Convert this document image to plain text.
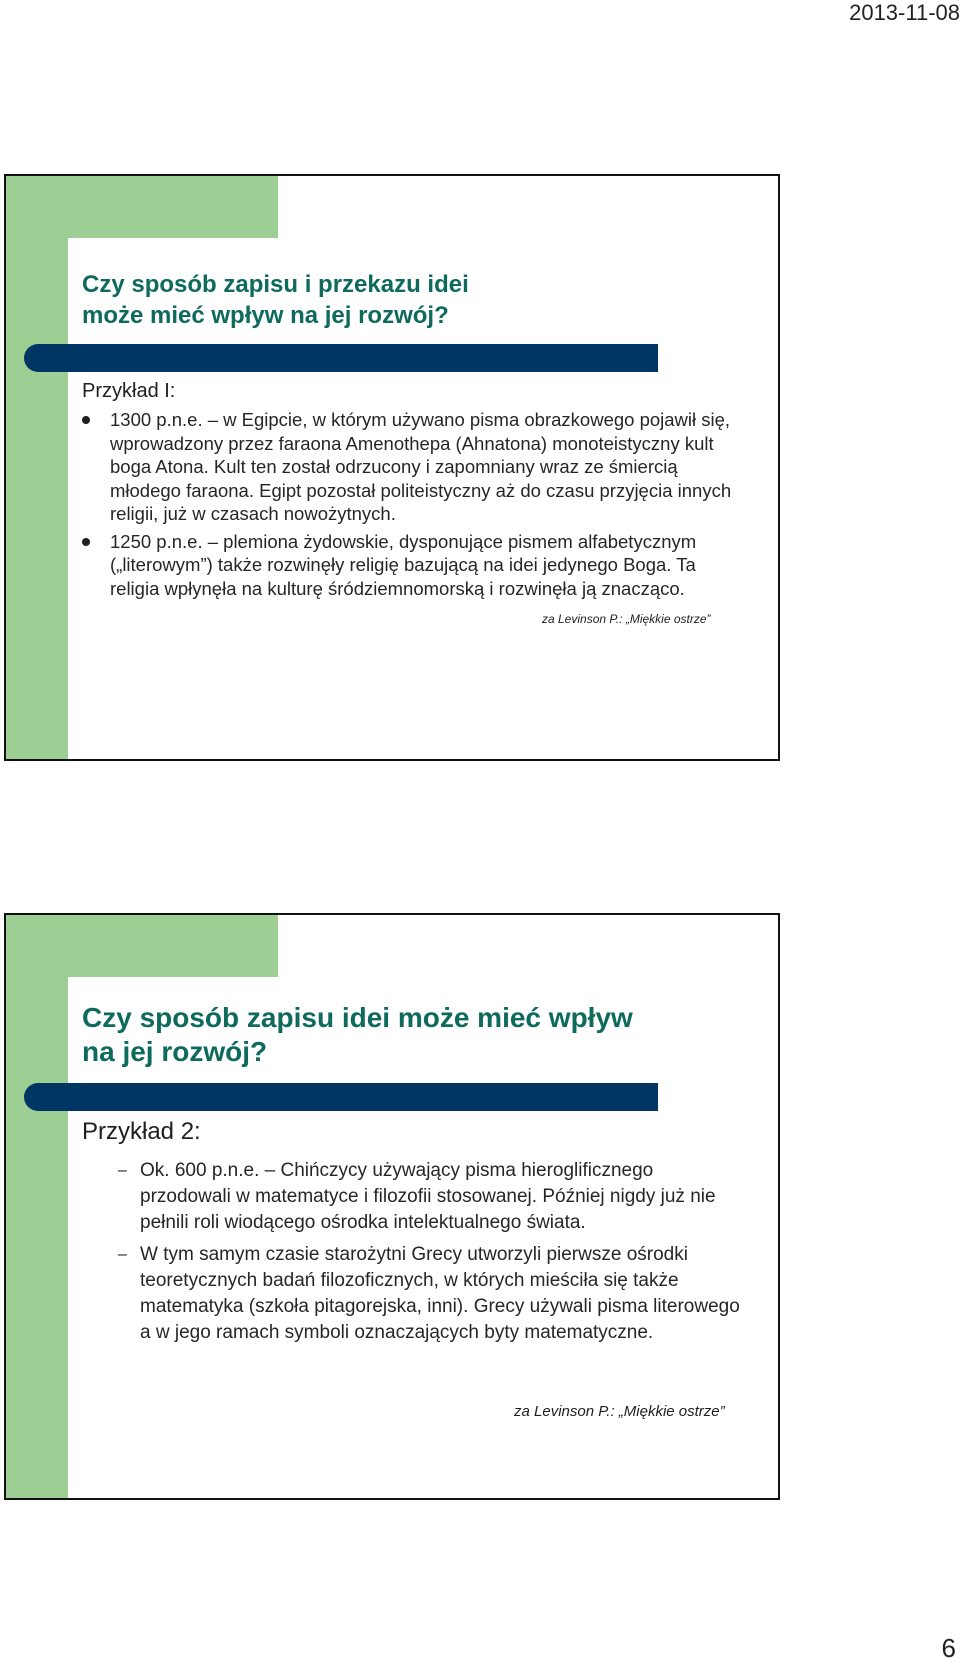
2013-11-08
Czy sposób zapisu i przekazu idei
może mieć wpływ na jej rozwój?

Przykład I:

1300 p.n.e. – w Egipcie, w którym używano pisma obrazkowego pojawił się, wprowadzony przez faraona Amenothepa (Ahnatona) monoteistyczny kult boga Atona. Kult ten został odrzucony i zapomniany wraz ze śmiercią młodego faraona. Egipt pozostał politeistyczny aż do czasu przyjęcia innych religii, już w czasach nowożytnych.
1250 p.n.e. – plemiona żydowskie, dysponujące pismem alfabetycznym („literowym”) także rozwinęły religię bazującą na idei jedynego Boga. Ta religia wpłynęła na kulturę śródziemnomorską i rozwinęła ją znacząco.

za Levinson P.: „Miękkie ostrze”

Czy sposób zapisu idei może mieć wpływ
na jej rozwój?

Przykład 2:

– Ok. 600 p.n.e. – Chińczycy używający pisma hieroglificznego przodowali w matematyce i filozofii stosowanej. Później nigdy już nie pełnili roli wiodącego ośrodka intelektualnego świata.
– W tym samym czasie starożytni Grecy utworzyli pierwsze ośrodki teoretycznych badań filozoficznych, w których mieściła się także matematyka (szkoła pitagorejska, inni). Grecy używali pisma literowego a w jego ramach symboli oznaczających byty matematyczne.

za Levinson P.: „Miękkie ostrze”

6
